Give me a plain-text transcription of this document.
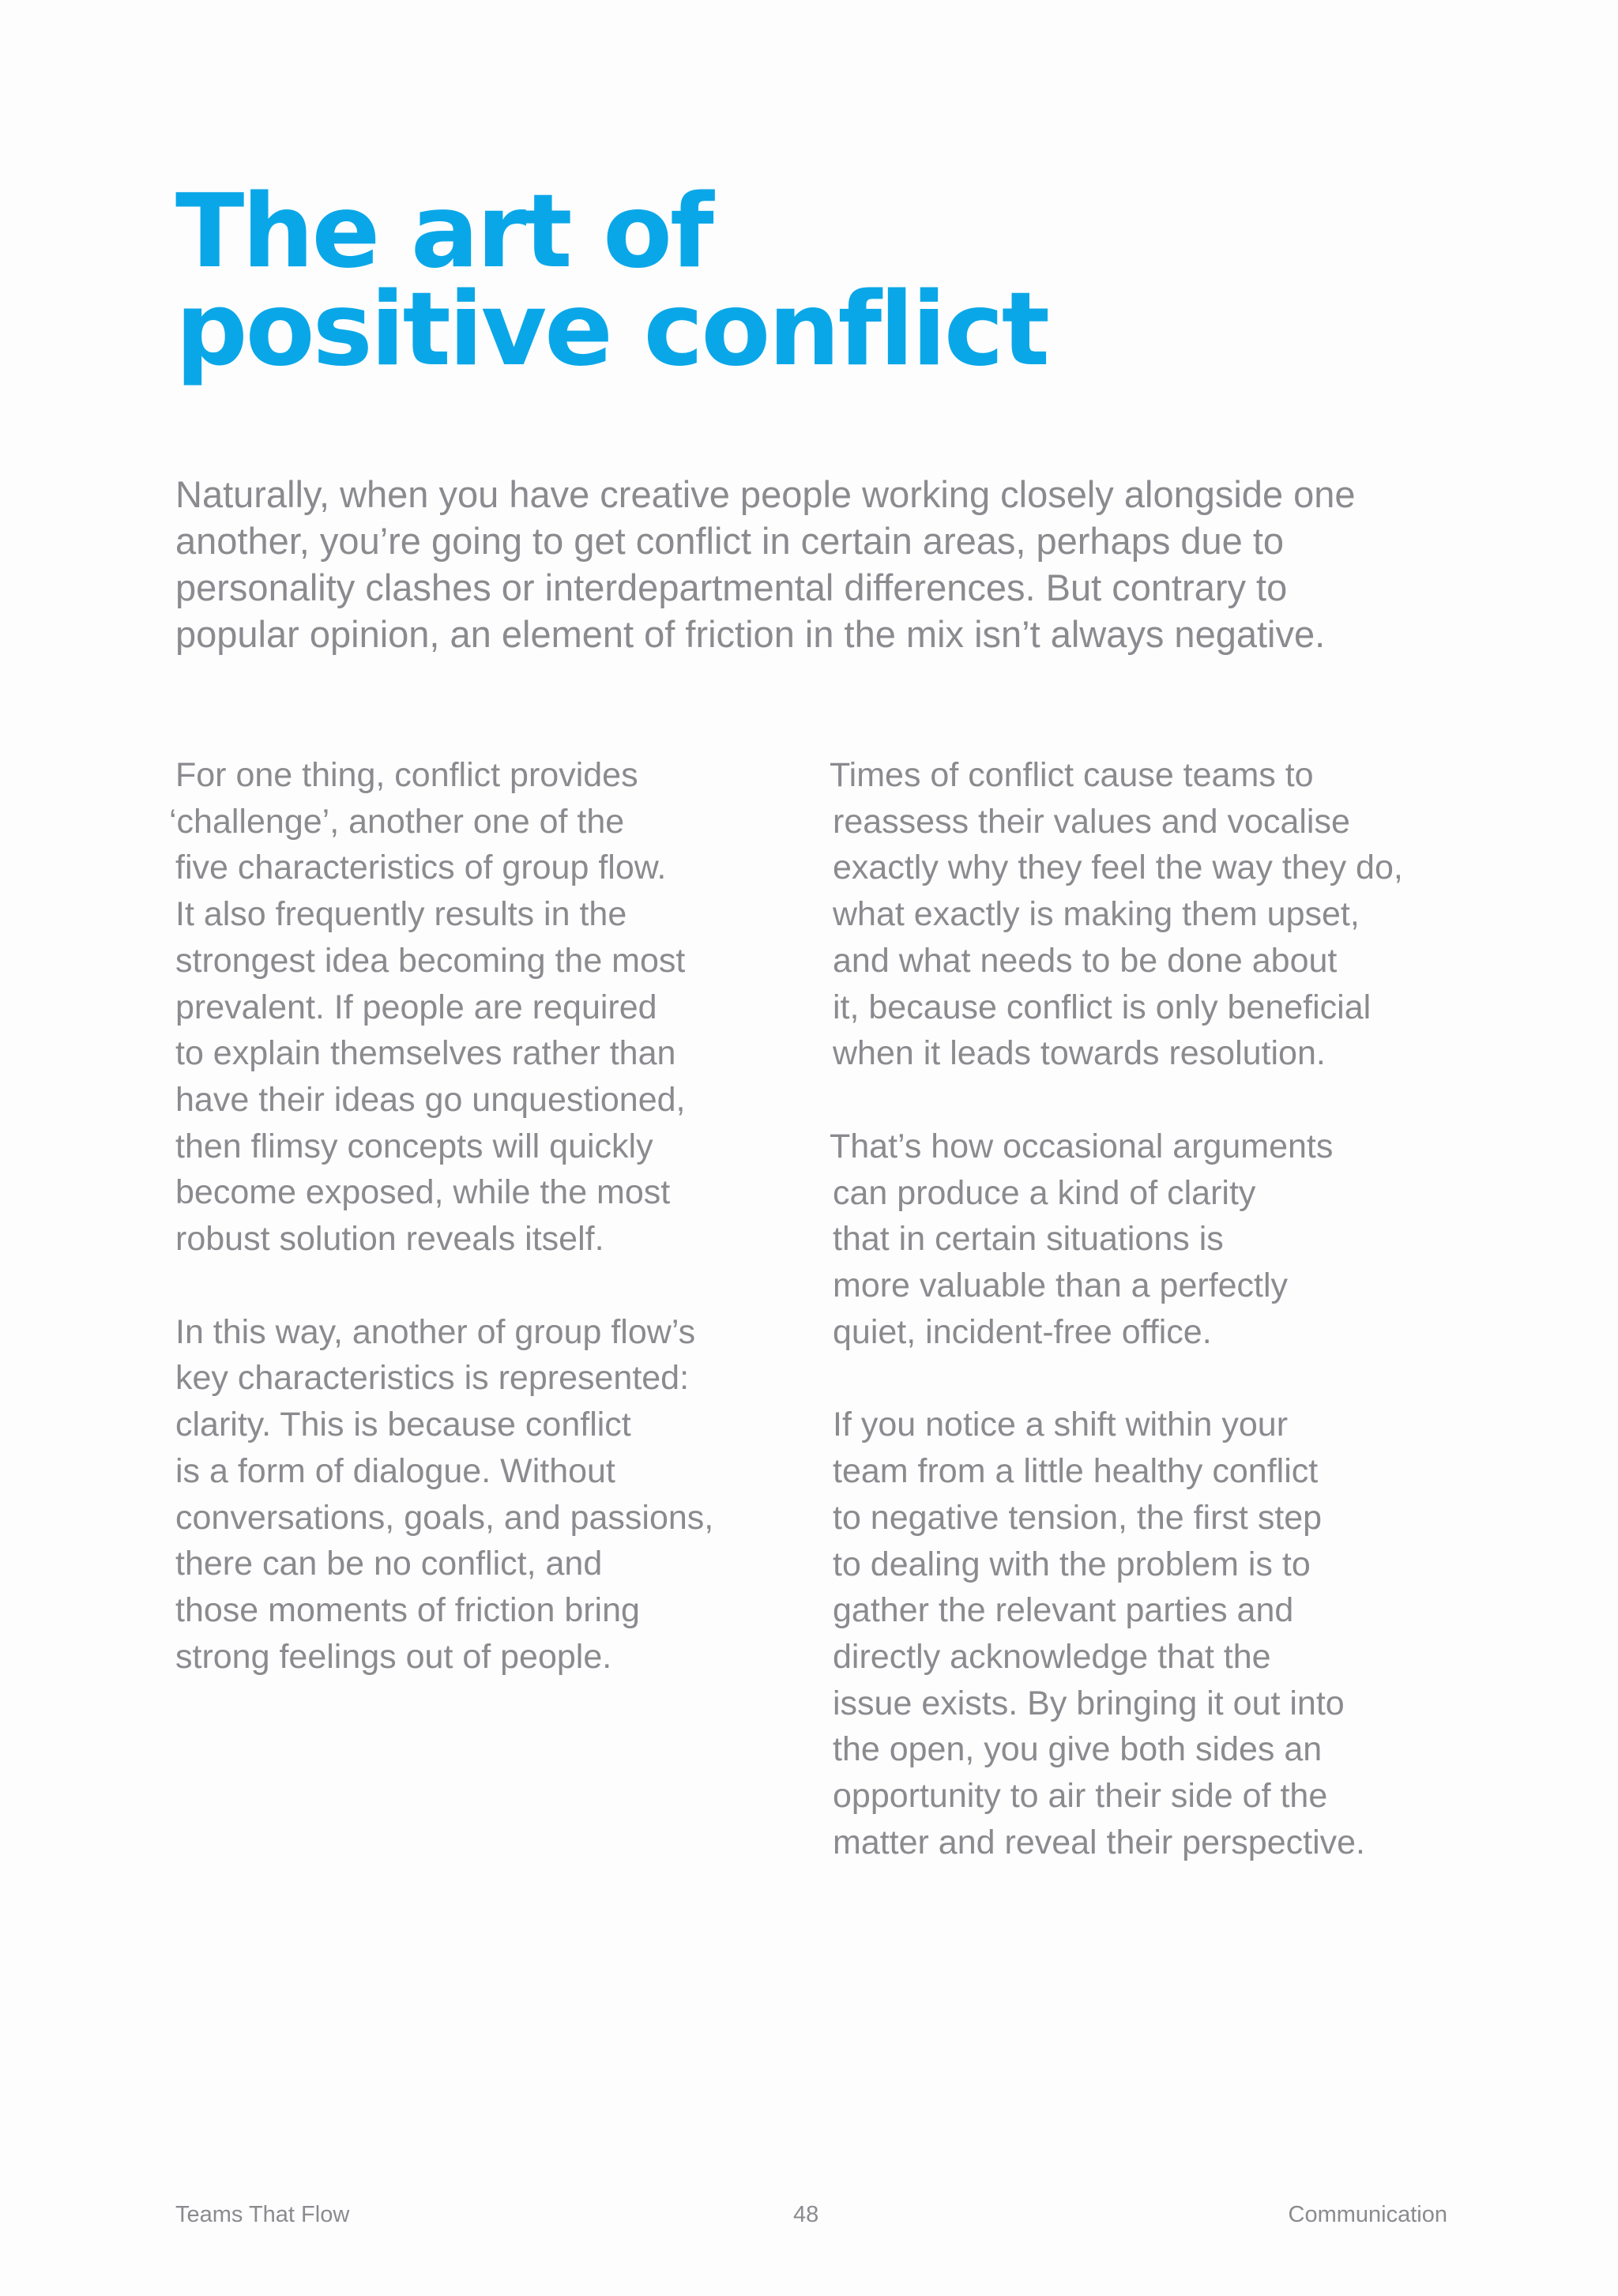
The art of
positive conflict
Naturally, when you have creative people working closely alongside one
another, you’re going to get conflict in certain areas, perhaps due to
personality clashes or interdepartmental differences. But contrary to
popular opinion, an element of friction in the mix isn’t always negative.
For one thing, conflict provides
‘challenge’, another one of the
five characteristics of group flow.
It also frequently results in the
strongest idea becoming the most
prevalent. If people are required
to explain themselves rather than
have their ideas go unquestioned,
then flimsy concepts will quickly
become exposed, while the most
robust solution reveals itself.
In this way, another of group flow’s
key characteristics is represented:
clarity. This is because conflict
is a form of dialogue. Without
conversations, goals, and passions,
there can be no conflict, and
those moments of friction bring
strong feelings out of people.
Times of conflict cause teams to
reassess their values and vocalise
exactly why they feel the way they do,
what exactly is making them upset,
and what needs to be done about
it, because conflict is only beneficial
when it leads towards resolution.
That’s how occasional arguments
can produce a kind of clarity
that in certain situations is
more valuable than a perfectly
quiet, incident-free office.
If you notice a shift within your
team from a little healthy conflict
to negative tension, the first step
to dealing with the problem is to
gather the relevant parties and
directly acknowledge that the
issue exists. By bringing it out into
the open, you give both sides an
opportunity to air their side of the
matter and reveal their perspective.
Teams That Flow	48	Communication
